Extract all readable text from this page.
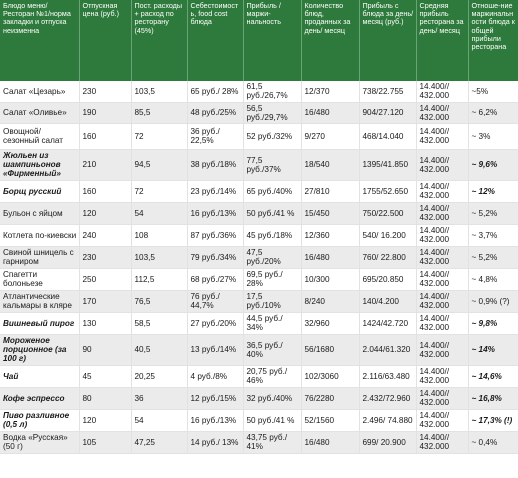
Блюдо меню/ Ресторан №1/норма закладки и отпуска неизменна	Отпускная цена (руб.)	Пост. расходы + расход по ресторану (45%)	Себестоимость, food cost блюда	Прибыль /маржи-нальность	Количество блюд, проданных за день/ месяц	Прибыль с блюда за день/месяц (руб.)	Средняя прибыль ресторана за день/ месяц	Отноше-ние маржинальности блюда к общей прибыли ресторана
Салат «Цезарь»	230	103,5	65 руб./ 28%	61,5 руб./26,7%	12/370	738/22.755	14.400// 432.000	~5%
Салат «Оливье»	190	85,5	48 руб./25%	56,5 руб./29,7%	16/480	904/27.120	14.400// 432.000	~ 6,2%
Овощной/ сезонный салат	160	72	36 руб./ 22,5%	52 руб./32%	9/270	468/14.040	14.400// 432.000	~ 3%
Жюльен из шампиньонов «Фирменный»	210	94,5	38 руб./18%	77,5 руб./37%	18/540	1395/41.850	14.400// 432.000	~ 9,6%
Борщ русский	160	72	23 руб./14%	65 руб./40%	27/810	1755/52.650	14.400// 432.000	~ 12%
Бульон с яйцом	120	54	16 руб./13%	50 руб./41 %	15/450	750/22.500	14.400// 432.000	~ 5,2%
Котлета по-киевски	240	108	87 руб./36%	45 руб./18%	12/360	540/ 16.200	14.400// 432.000	~ 3,7%
Свиной шницель с гарниром	230	103,5	79 руб./34%	47,5 руб./20%	16/480	760/ 22.800	14.400// 432.000	~ 5,2%
Спагетти болоньезе	250	112,5	68 руб./27%	69,5 руб./ 28%	10/300	695/20.850	14.400// 432.000	~ 4,8%
Атлантические кальмары в кляре	170	76,5	76 руб./ 44,7%	17,5 руб./10%	8/240	140/4.200	14.400// 432.000	~ 0,9% (?)
Вишневый пирог	130	58,5	27 руб./20%	44,5 руб./ 34%	32/960	1424/42.720	14.400// 432.000	~ 9,8%
Мороженое порционное (за 100 г)	90	40,5	13 руб./14%	36,5 руб./ 40%	56/1680	2.044/61.320	14.400// 432.000	~ 14%
Чай	45	20,25	4 руб./8%	20,75 руб./ 46%	102/3060	2.116/63.480	14.400// 432.000	~ 14,6%
Кофе эспрессо	80	36	12 руб./15%	32 руб./40%	76/2280	2.432/72.960	14.400// 432.000	~ 16,8%
Пиво разливное (0,5 л)	120	54	16 руб./13%	50 руб./41 %	52/1560	2.496/ 74.880	14.400// 432.000	~ 17,3% (!)
Водка «Русская» (50 г)	105	47,25	14 руб./ 13%	43,75 руб./ 41%	16/480	699/ 20.900	14.400// 432.000	~ 0,4%
